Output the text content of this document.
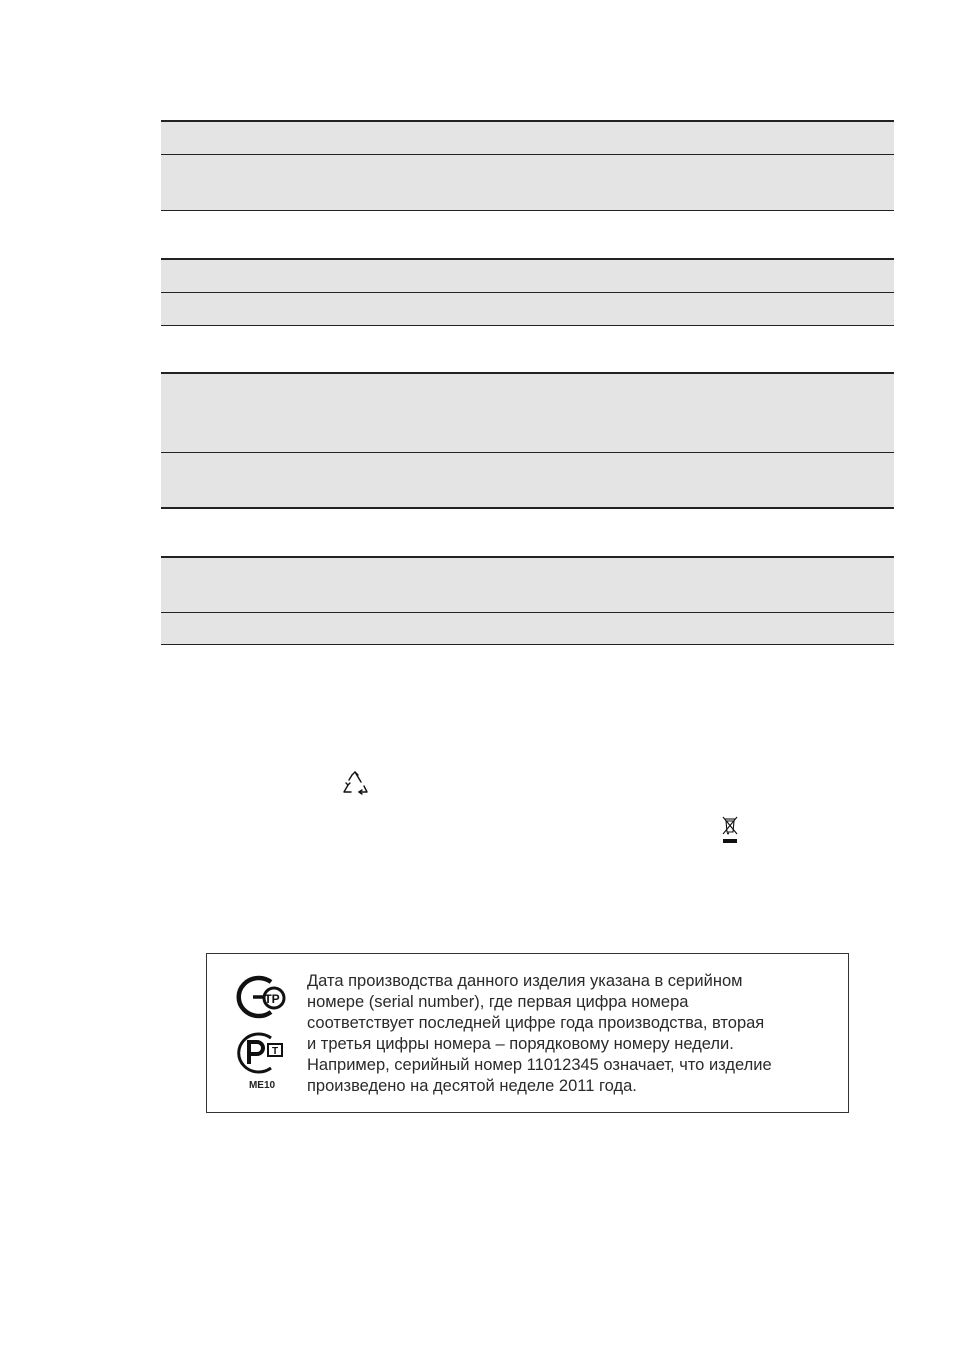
ТР
Т
ME10
Дата производства данного изделия указана в серийном
номере (serial number), где первая цифра номера
соответствует последней цифре года производства, вторая
и третья цифры номера – порядковому номеру недели.
Например, серийный номер 11012345 означает, что изделие
произведено на десятой неделе 2011 года.
